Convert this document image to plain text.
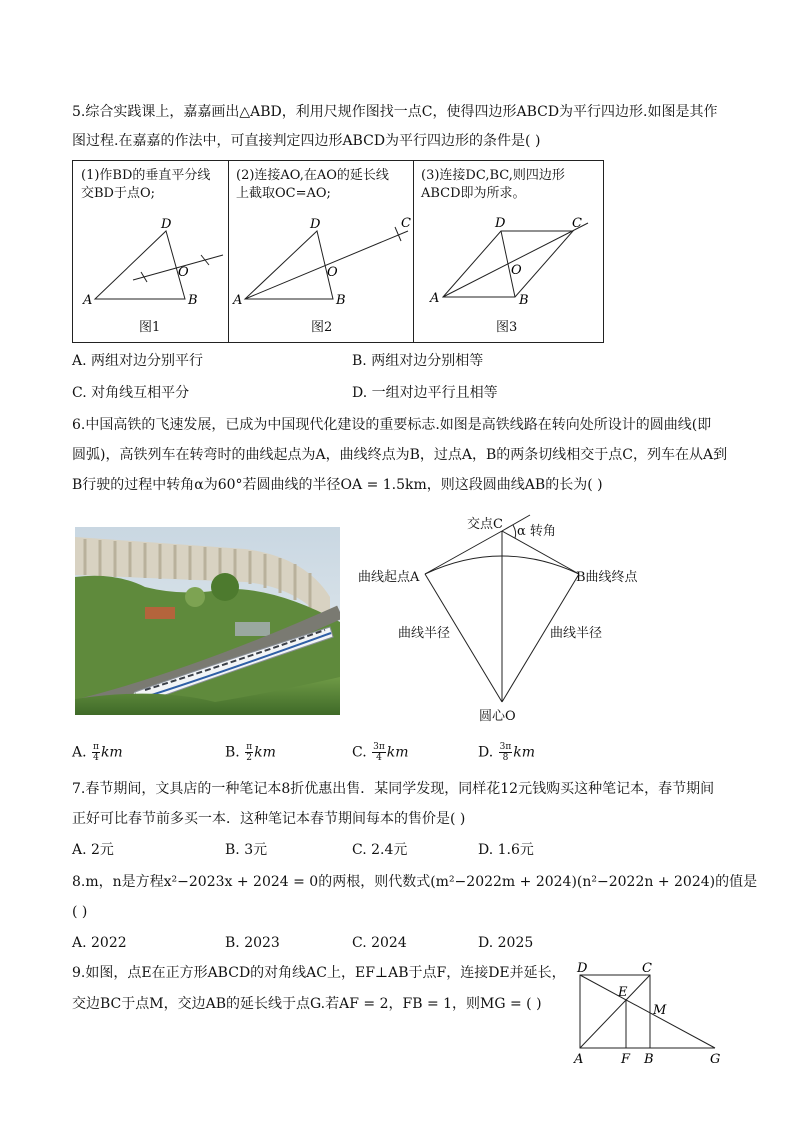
5.综合实践课上，嘉嘉画出△ABD，利用尺规作图找一点C，使得四边形ABCD为平行四边形.如图是其作
图过程.在嘉嘉的作法中，可直接判定四边形ABCD为平行四边形的条件是( )
(1)作BD的垂直平分线
交BD于点O;
A
D
B
O
图1
(2)连接AO,在AO的延长线
上截取OC=AO;
A
D
B
O
C
图2
(3)连接DC,BC,则四边形
ABCD即为所求。
A
D
B
O
C
图3
A. 两组对边分别平行	B. 两组对边分别相等
C. 对角线互相平分	D. 一组对边平行且相等
6.中国高铁的飞速发展，已成为中国现代化建设的重要标志.如图是高铁线路在转向处所设计的圆曲线(即
圆弧)，高铁列车在转弯时的曲线起点为A，曲线终点为B，过点A，B的两条切线相交于点C，列车在从A到
B行驶的过程中转角α为60°若圆曲线的半径OA = 1.5km，则这段圆曲线AB的长为( )
交点C α 转角
曲线起点A	B曲线终点
曲线半径	曲线半径
圆心O
A. $\frac{\pi}{4}$ km	B. $\frac{\pi}{2}$ km	C. $\frac{3\pi}{4}$ km	D. $\frac{3\pi}{8}$ km
7.春节期间，文具店的一种笔记本8折优惠出售．某同学发现，同样花12元钱购买这种笔记本，春节期间
正好可比春节前多买一本．这种笔记本春节期间每本的售价是( )
A. 2元	B. 3元	C. 2.4元	D. 1.6元
8.m，n是方程x²−2023x + 2024 = 0的两根，则代数式(m²−2022m + 2024)(n²−2022n + 2024)的值是
( )
A. 2022	B. 2023	C. 2024	D. 2025
9.如图，点E在正方形ABCD的对角线AC上，EF⊥AB于点F，连接DE并延长，
交边BC于点M，交边AB的延长线于点G.若AF = 2，FB = 1，则MG = ( )
D	C
E
M
A	F B	G
